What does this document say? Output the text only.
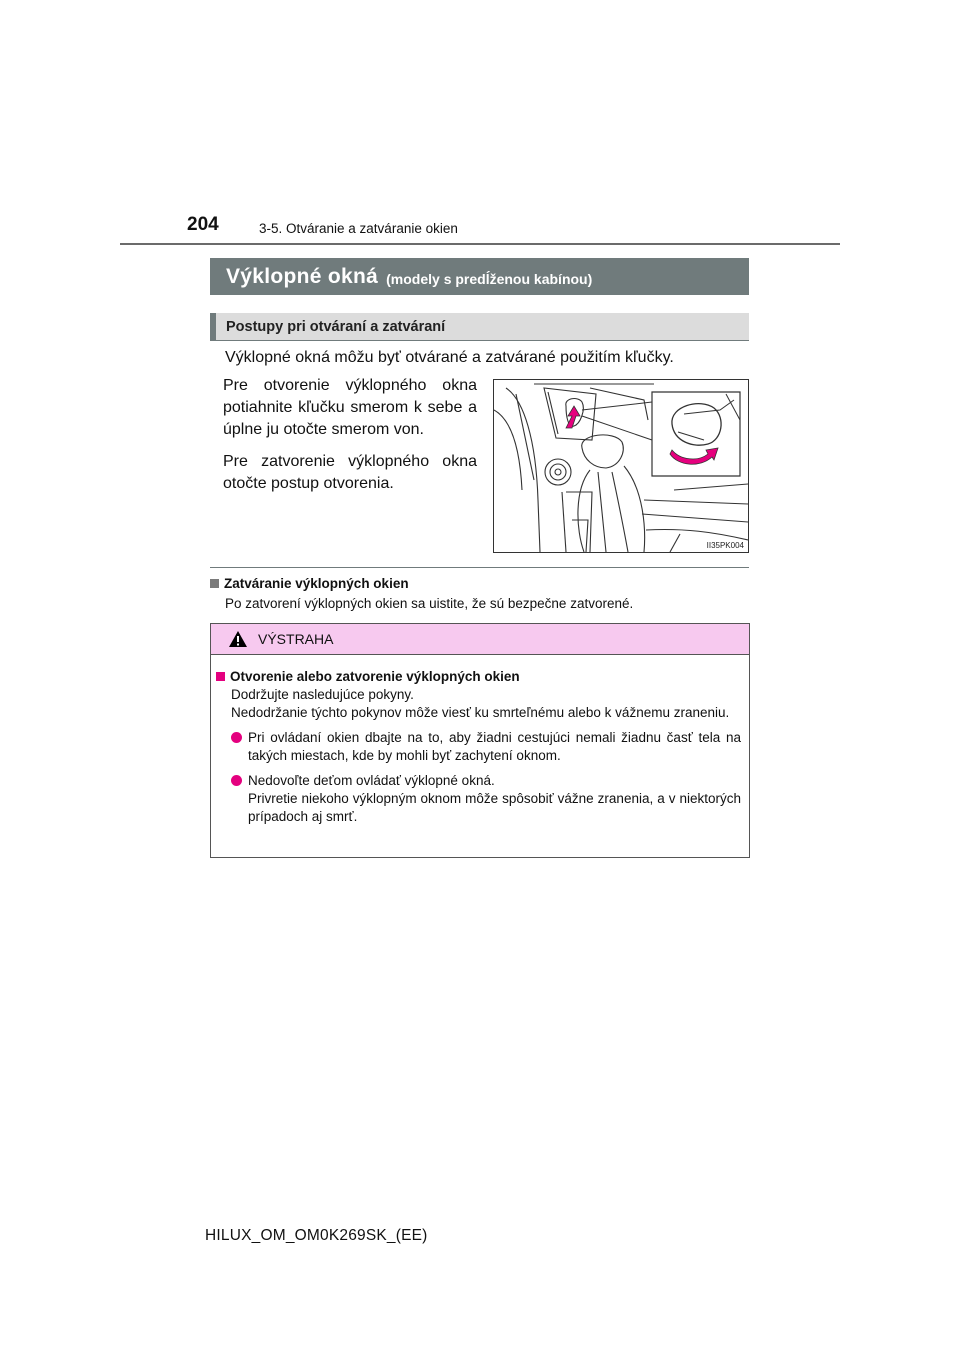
204	3-5. Otváranie a zatváranie okien
Výklopné okná (modely s predĺženou kabínou)
Postupy pri otváraní a zatváraní
Výklopné okná môžu byť otvárané a zatvárané použitím kľučky.

Pre otvorenie výklopného okna potiahnite kľučku smerom k sebe a úplne ju otočte smerom von.

Pre zatvorenie výklopného okna otočte postup otvorenia.

II35PK004
Zatváranie výklopných okien
Po zatvorení výklopných okien sa uistite, že sú bezpečne zatvorené.
VÝSTRAHA
Otvorenie alebo zatvorenie výklopných okien

Dodržujte nasledujúce pokyny.

Nedodržanie týchto pokynov môže viesť ku smrteľnému alebo k vážnemu zraneniu.

Pri ovládaní okien dbajte na to, aby žiadni cestujúci nemali žiadnu časť tela na takých miestach, kde by mohli byť zachytení oknom.

Nedovoľte deťom ovládať výklopné okná.

Privretie niekoho výklopným oknom môže spôsobiť vážne zranenia, a v niektorých prípadoch aj smrť.

HILUX_OM_OM0K269SK_(EE)
